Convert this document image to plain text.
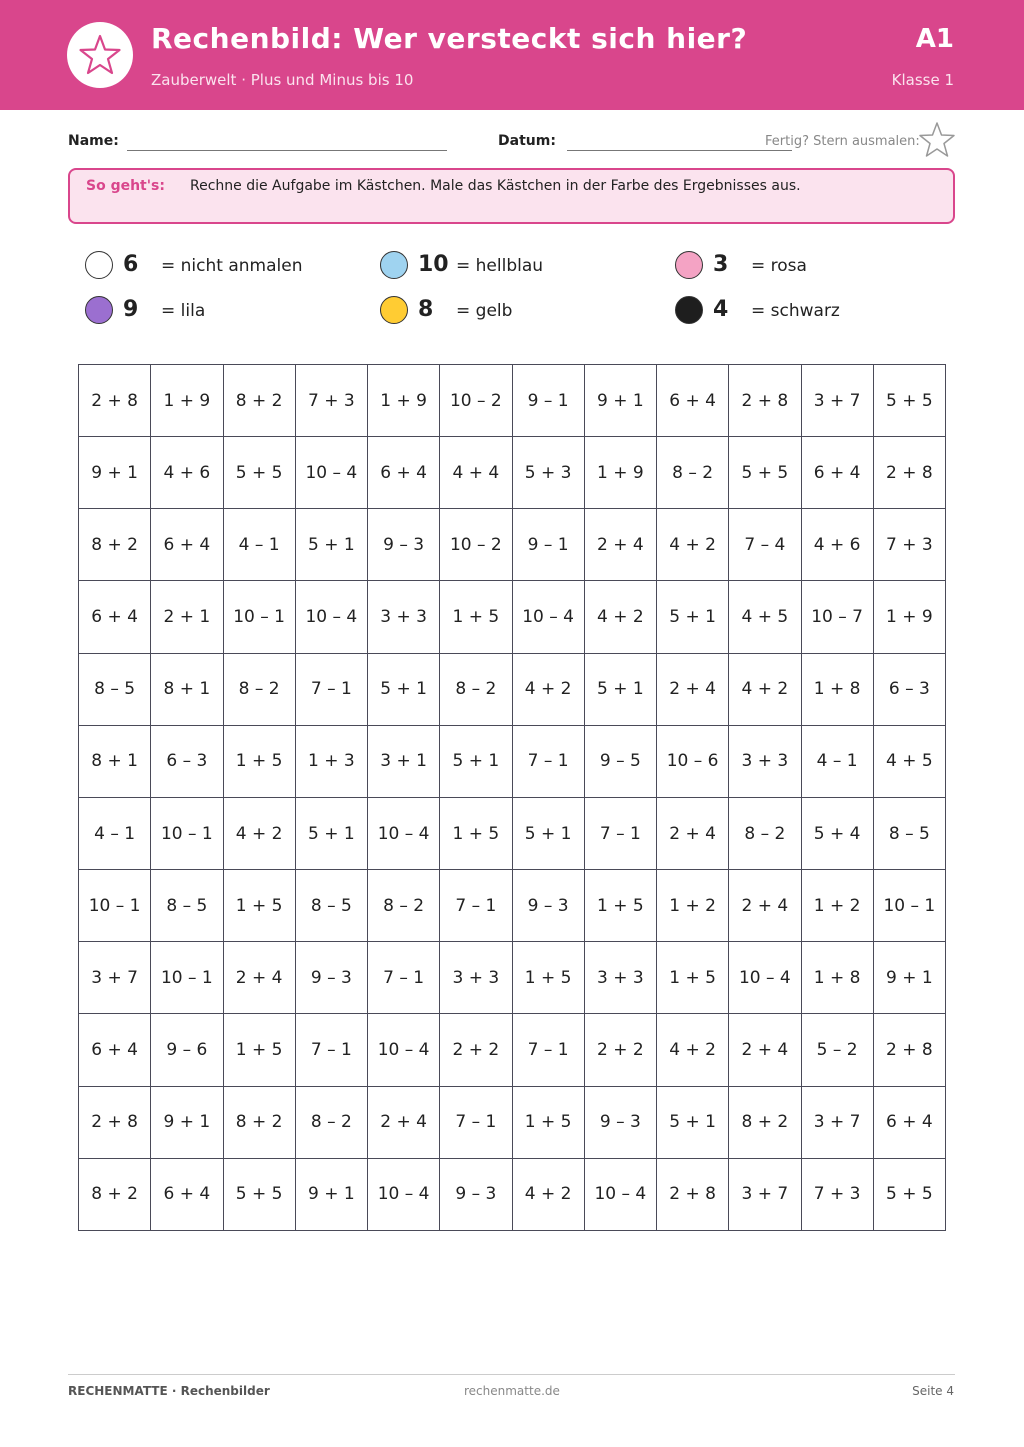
Rechenbild: Wer versteckt sich hier?
Zauberwelt · Plus und Minus bis 10
A1
Klasse 1
Name:	Datum:	Fertig? Stern ausmalen:
So geht's: Rechne die Aufgabe im Kästchen. Male das Kästchen in der Farbe des Ergebnisses aus.
6 = nicht anmalen	10 = hellblau	3 = rosa
9 = lila	8 = gelb	4 = schwarz
2 + 8	1 + 9	8 + 2	7 + 3	1 + 9	10 – 2	9 – 1	9 + 1	6 + 4	2 + 8	3 + 7	5 + 5
9 + 1	4 + 6	5 + 5	10 – 4	6 + 4	4 + 4	5 + 3	1 + 9	8 – 2	5 + 5	6 + 4	2 + 8
8 + 2	6 + 4	4 – 1	5 + 1	9 – 3	10 – 2	9 – 1	2 + 4	4 + 2	7 – 4	4 + 6	7 + 3
6 + 4	2 + 1	10 – 1	10 – 4	3 + 3	1 + 5	10 – 4	4 + 2	5 + 1	4 + 5	10 – 7	1 + 9
8 – 5	8 + 1	8 – 2	7 – 1	5 + 1	8 – 2	4 + 2	5 + 1	2 + 4	4 + 2	1 + 8	6 – 3
8 + 1	6 – 3	1 + 5	1 + 3	3 + 1	5 + 1	7 – 1	9 – 5	10 – 6	3 + 3	4 – 1	4 + 5
4 – 1	10 – 1	4 + 2	5 + 1	10 – 4	1 + 5	5 + 1	7 – 1	2 + 4	8 – 2	5 + 4	8 – 5
10 – 1	8 – 5	1 + 5	8 – 5	8 – 2	7 – 1	9 – 3	1 + 5	1 + 2	2 + 4	1 + 2	10 – 1
3 + 7	10 – 1	2 + 4	9 – 3	7 – 1	3 + 3	1 + 5	3 + 3	1 + 5	10 – 4	1 + 8	9 + 1
6 + 4	9 – 6	1 + 5	7 – 1	10 – 4	2 + 2	7 – 1	2 + 2	4 + 2	2 + 4	5 – 2	2 + 8
2 + 8	9 + 1	8 + 2	8 – 2	2 + 4	7 – 1	1 + 5	9 – 3	5 + 1	8 + 2	3 + 7	6 + 4
8 + 2	6 + 4	5 + 5	9 + 1	10 – 4	9 – 3	4 + 2	10 – 4	2 + 8	3 + 7	7 + 3	5 + 5
RECHENMATTE · Rechenbilder	rechenmatte.de	Seite 4
